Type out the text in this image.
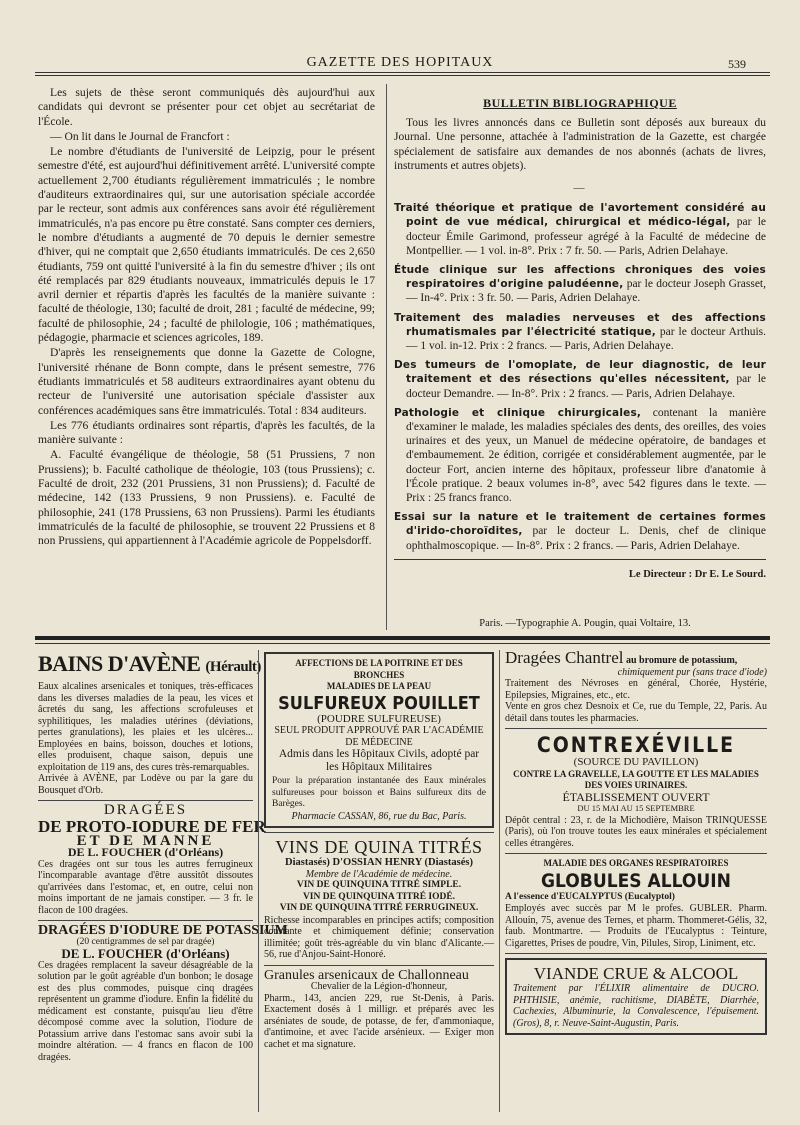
GAZETTE DES HOPITAUX	539

Les sujets de thèse seront communiqués dès aujourd'hui aux candidats qui devront se présenter pour cet objet au secrétariat de l'École.

— On lit dans le Journal de Francfort :

Le nombre d'étudiants de l'université de Leipzig, pour le présent semestre d'été, est aujourd'hui définitivement arrêté. L'université compte actuellement 2,700 étudiants régulièrement immatriculés ; le nombre d'auditeurs extraordinaires qui, sur une autorisation spéciale accordée par le recteur, sont admis aux conférences sans avoir été régulièrement immatriculés, n'a pas encore pu être constaté. Sans compter ces derniers, le nombre d'étudiants a augmenté de 70 depuis le dernier semestre d'hiver, qui ne comptait que 2,650 étudiants immatriculés. De ces 2,650 étudiants, 759 ont quitté l'université à la fin du semestre d'hiver ; ils ont été remplacés par 829 étudiants nouveaux, immatriculés depuis le 17 avril dernier et répartis d'après les facultés de la manière suivante : faculté de théologie, 130; faculté de droit, 281 ; faculté de médecine, 99; faculté de philosophie, 24 ; faculté de philologie, 106 ; mathématiques, pédagogie, pharmacie et sciences agricoles, 189.

D'après les renseignements que donne la Gazette de Cologne, l'université rhénane de Bonn compte, dans le présent semestre, 776 étudiants immatriculés et 58 auditeurs extraordinaires ayant obtenu du recteur de l'université une autorisation spéciale d'assister aux conférences académiques sans être immatriculés. Total : 834 auditeurs.

Les 776 étudiants ordinaires sont répartis, d'après les facultés, de la manière suivante :

A. Faculté évangélique de théologie, 58 (51 Prussiens, 7 non Prussiens); b. Faculté catholique de théologie, 103 (tous Prussiens); c. Faculté de droit, 232 (201 Prussiens, 31 non Prussiens); d. Faculté de médecine, 142 (133 Prussiens, 9 non Prussiens). e. Faculté de philosophie, 241 (178 Prussiens, 63 non Prussiens). Parmi les étudiants immatriculés de la faculté de philosophie, se trouvent 22 Prussiens et 8 non Prussiens, qui appartiennent à l'Académie agricole de Poppelsdorff.

BULLETIN BIBLIOGRAPHIQUE

Tous les livres annoncés dans ce Bulletin sont déposés aux bureaux du Journal. Une personne, attachée à l'administration de la Gazette, est chargée spécialement de satisfaire aux demandes de nos abonnés (achats de livres, instruments et autres objets).

—
Traité théorique et pratique de l'avortement considéré au point de vue médical, chirurgical et médico-légal, par le docteur Émile Garimond, professeur agrégé à la Faculté de médecine de Montpellier. — 1 vol. in-8°. Prix : 7 fr. 50. — Paris, Adrien Delahaye.
Étude clinique sur les affections chroniques des voies respiratoires d'origine paludéenne, par le docteur Joseph Grasset, — In-4°. Prix : 3 fr. 50. — Paris, Adrien Delahaye.
Traitement des maladies nerveuses et des affections rhumatismales par l'électricité statique, par le docteur Arthuis. — 1 vol. in-12. Prix : 2 francs. — Paris, Adrien Delahaye.
Des tumeurs de l'omoplate, de leur diagnostic, de leur traitement et des résections qu'elles nécessitent, par le docteur Demandre. — In-8°. Prix : 2 francs. — Paris, Adrien Delahaye.
Pathologie et clinique chirurgicales, contenant la manière d'examiner le malade, les maladies spéciales des dents, des oreilles, des voies urinaires et des yeux, un Manuel de médecine opératoire, de bandages et d'embaumement. 2e édition, corrigée et considérablement augmentée, par le docteur Fort, ancien interne des hôpitaux, professeur libre d'anatomie à l'École pratique. 2 beaux volumes in-8°, avec 542 figures dans le texte. — Prix : 25 francs franco.
Essai sur la nature et le traitement de certaines formes d'irido-choroïdites, par le docteur L. Denis, chef de clinique ophthalmoscopique. — In-8°. Prix : 2 francs. — Paris, Adrien Delahaye.
Le Directeur : Dr E. Le Sourd.
Paris. —Typographie A. Pougin, quai Voltaire, 13.
BAINS D'AVÈNE (Hérault)
Eaux alcalines arsenicales et toniques, très-efficaces dans les diverses maladies de la peau, les vices et âcretés du sang, les affections scrofuleuses et syphilitiques, les maladies utérines (déviations, pertes granulations), les plaies et les ulcères... Employées en bains, boisson, douches et lotions, elles produisent, chaque saison, depuis une exploitation de 119 ans, des cures très-remarquables.
Arrivée à AVÈNE, par Lodève ou par la gare du Bousquet d'Orb.
DRAGÉES
DE PROTO-IODURE DE FER
ET DE MANNE
DE L. FOUCHER (d'Orléans)
Ces dragées ont sur tous les autres ferrugineux l'incomparable avantage d'être aussitôt dissoutes qu'arrivées dans l'estomac, et, en outre, celui non moins important de ne jamais constiper. — 3 fr. le flacon de 100 dragées.
DRAGÉES D'IODURE DE POTASSIUM
(20 centigrammes de sel par dragée)
DE L. FOUCHER (d'Orléans)
Ces dragées remplacent la saveur désagréable de la solution par le goût agréable d'un bonbon; le dosage est des plus commodes, puisque cinq dragées représentent un gramme d'iodure. Enfin la fidélité du médicament est constante, puisqu'au lieu d'être décomposé comme avec la solution, l'iodure de Potassium arrive dans l'estomac sans avoir subi la moindre altération. — 4 francs en flacon de 100 dragées.
AFFECTIONS DE LA POITRINE ET DES BRONCHES
MALADIES DE LA PEAU
SULFUREUX POUILLET
(POUDRE SULFUREUSE)
SEUL PRODUIT APPROUVÉ PAR L'ACADÉMIE
DE MÉDECINE
Admis dans les Hôpitaux Civils, adopté par les Hôpitaux Militaires
Pour la préparation instantanée des Eaux minérales sulfureuses pour boisson et Bains sulfureux dits de Barèges.
Pharmacie CASSAN, 86, rue du Bac, Paris.
VINS DE QUINA TITRÉS
Diastasés) D'OSSIAN HENRY (Diastasés)
Membre de l'Académie de médecine.
VIN DE QUINQUINA TITRÉ SIMPLE.
VIN DE QUINQUINA TITRÉ IODÉ.
VIN DE QUINQUINA TITRÉ FERRUGINEUX.
Richesse incomparables en principes actifs; composition constante et chimiquement définie; conservation illimitée; goût très-agréable du vin blanc d'Alicante.— 56, rue d'Anjou-Saint-Honoré.
Granules arsenicaux de Challonneau
Chevalier de la Légion-d'honneur,
Pharm., 143, ancien 229, rue St-Denis, à Paris. Exactement dosés à 1 milligr. et préparés avec les arséniates de soude, de potasse, de fer, d'ammoniaque, d'antimoine, et avec l'acide arsénieux. — Exiger mon cachet et ma signature.
Dragées Chantrel au bromure de potassium,
chimiquement pur (sans trace d'iode)
Traitement des Névroses en général, Chorée, Hystérie, Epilepsies, Migraines, etc., etc.
Vente en gros chez Desnoix et Ce, rue du Temple, 22, Paris. Au détail dans toutes les pharmacies.
CONTREXÉVILLE
(SOURCE DU PAVILLON)
CONTRE LA GRAVELLE, LA GOUTTE ET LES MALADIES
DES VOIES URINAIRES.
ÉTABLISSEMENT OUVERT
DU 15 MAI AU 15 SEPTEMBRE
Dépôt central : 23, r. de la Michodière, Maison TRINQUESSE (Paris), où l'on trouve toutes les eaux minérales et spécialement celles étrangères.
MALADIE DES ORGANES RESPIRATOIRES
GLOBULES ALLOUIN
A l'essence d'EUCALYPTUS (Eucalyptol)
Employés avec succès par M le profes. GUBLER. Pharm. Allouin, 75, avenue des Ternes, et pharm. Thommeret-Gélis, 32, faub. Montmartre. — Produits de l'Eucalyptus : Teinture, Cigarettes, Prises de poudre, Vin, Pilules, Sirop, Liniment, etc.
VIANDE CRUE & ALCOOL
Traitement par l'ÉLIXIR alimentaire de DUCRO. PHTHISIE, anémie, rachitisme, DIABÈTE, Diarrhée, Cachexies, Albuminurie, la Convalescence, l'épuisement. (Gros), 8, r. Neuve-Saint-Augustin, Paris.
